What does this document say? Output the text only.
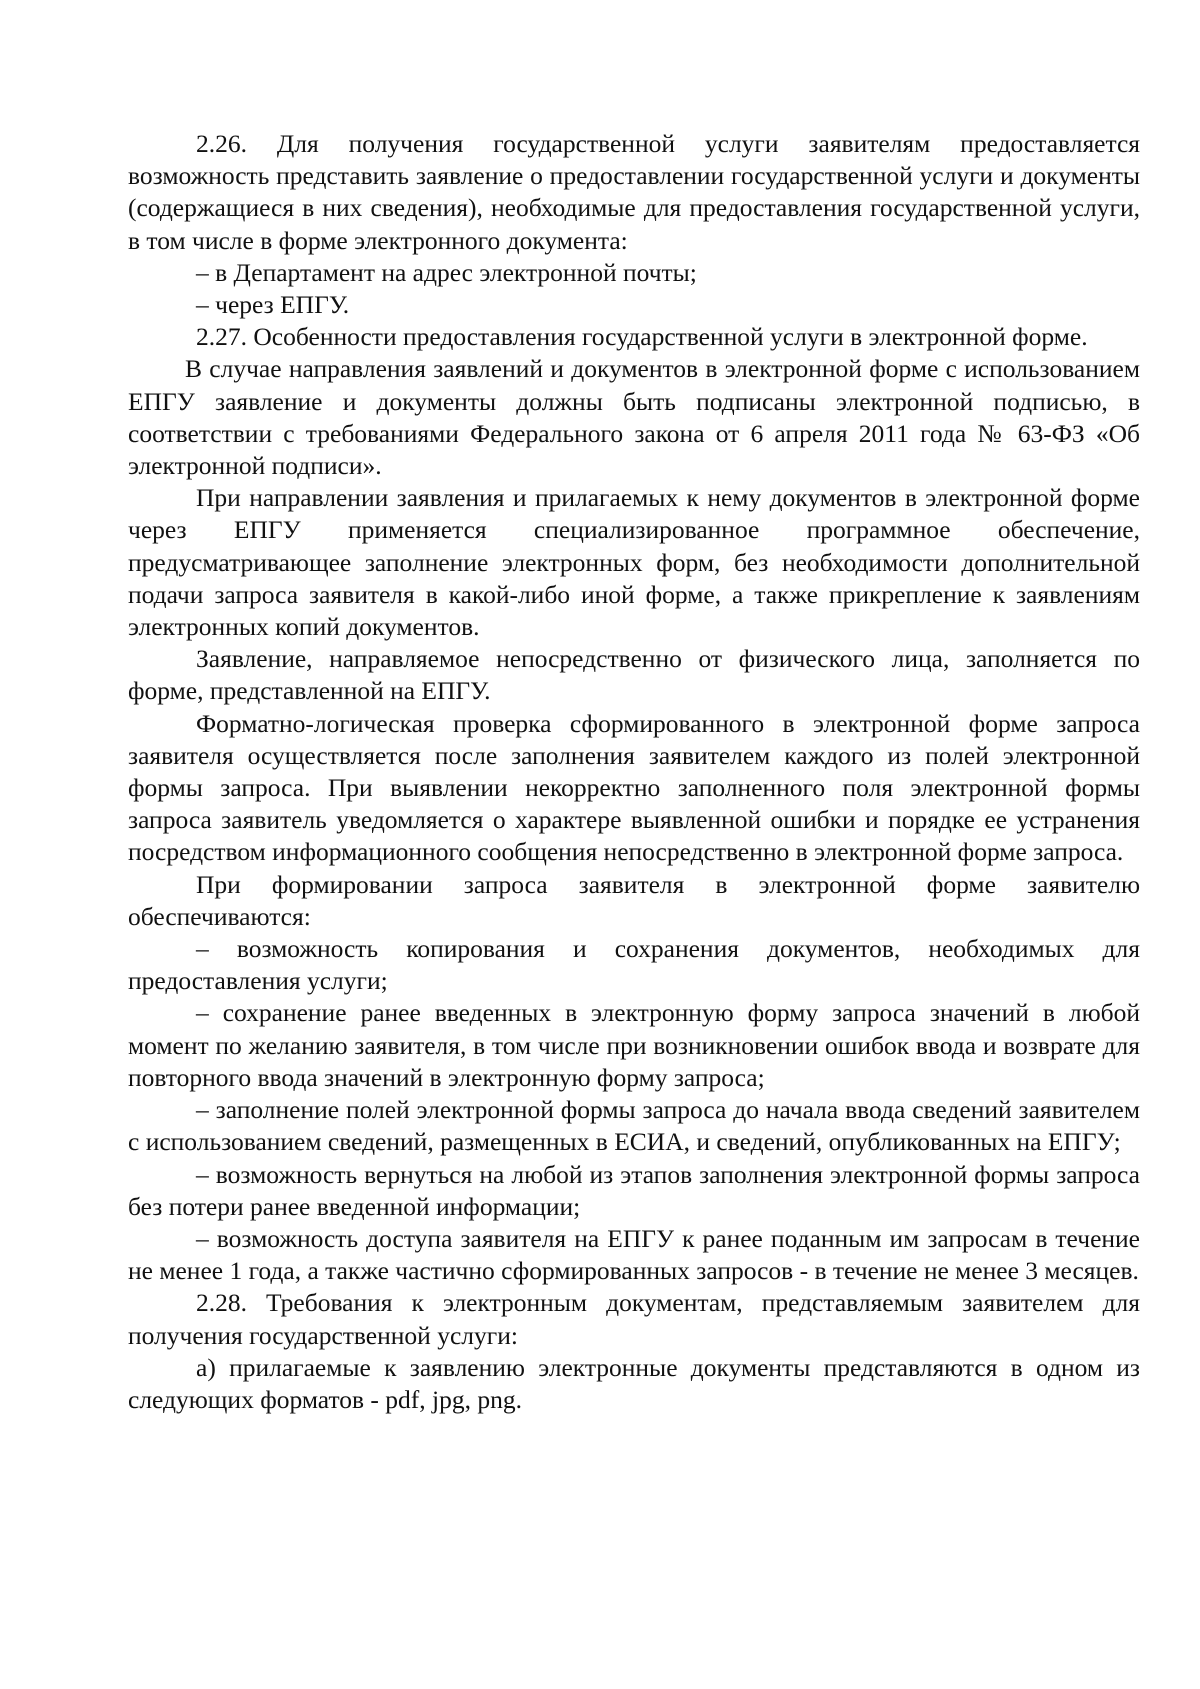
2.26. Для получения государственной услуги заявителям предоставляется возможность представить заявление о предоставлении государственной услуги и документы (содержащиеся в них сведения), необходимые для предоставления государственной услуги, в том числе в форме электронного документа:

– в Департамент на адрес электронной почты;

– через ЕПГУ.

2.27. Особенности предоставления государственной услуги в электронной форме.

В случае направления заявлений и документов в электронной форме с использованием ЕПГУ заявление и документы должны быть подписаны электронной подписью, в соответствии с требованиями Федерального закона от 6 апреля 2011 года № 63-ФЗ «Об электронной подписи».

При направлении заявления и прилагаемых к нему документов в электронной форме через ЕПГУ применяется специализированное программное обеспечение, предусматривающее заполнение электронных форм, без необходимости дополнительной подачи запроса заявителя в какой-либо иной форме, а также прикрепление к заявлениям электронных копий документов.

Заявление, направляемое непосредственно от физического лица, заполняется по форме, представленной на ЕПГУ.

Форматно-логическая проверка сформированного в электронной форме запроса заявителя осуществляется после заполнения заявителем каждого из полей электронной формы запроса. При выявлении некорректно заполненного поля электронной формы запроса заявитель уведомляется о характере выявленной ошибки и порядке ее устранения посредством информационного сообщения непосредственно в электронной форме запроса.

При формировании запроса заявителя в электронной форме заявителю обеспечиваются:

– возможность копирования и сохранения документов, необходимых для предоставления услуги;

– сохранение ранее введенных в электронную форму запроса значений в любой момент по желанию заявителя, в том числе при возникновении ошибок ввода и возврате для повторного ввода значений в электронную форму запроса;

– заполнение полей электронной формы запроса до начала ввода сведений заявителем с использованием сведений, размещенных в ЕСИА, и сведений, опубликованных на ЕПГУ;

– возможность вернуться на любой из этапов заполнения электронной формы запроса без потери ранее введенной информации;

– возможность доступа заявителя на ЕПГУ к ранее поданным им запросам в течение не менее 1 года, а также частично сформированных запросов - в течение не менее 3 месяцев.

2.28. Требования к электронным документам, представляемым заявителем для получения государственной услуги:

а) прилагаемые к заявлению электронные документы представляются в одном из следующих форматов - pdf, jpg, png.
